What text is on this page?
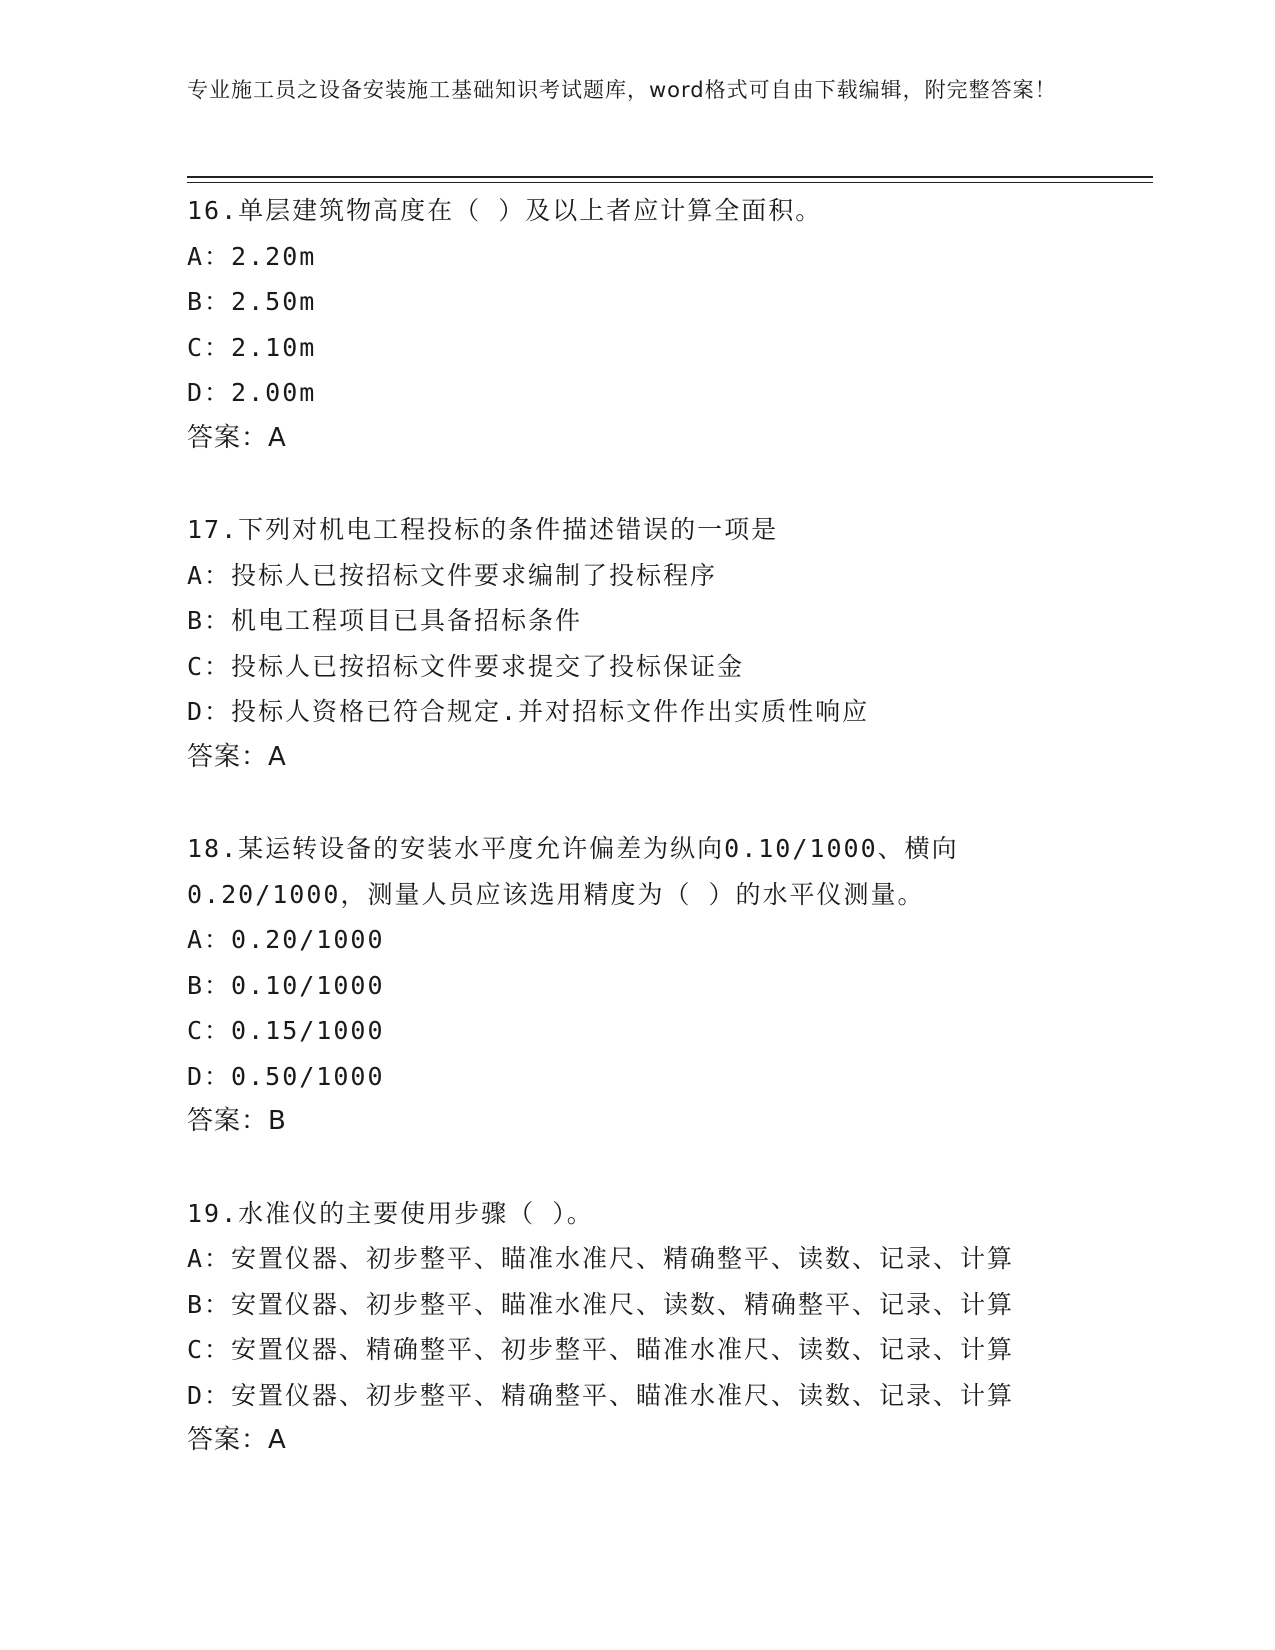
专业施工员之设备安装施工基础知识考试题库，word格式可自由下载编辑，附完整答案！
16.单层建筑物高度在（ ）及以上者应计算全面积。
A：2.20m
B：2.50m
C：2.10m
D：2.00m
答案：A
17.下列对机电工程投标的条件描述错误的一项是
A：投标人已按招标文件要求编制了投标程序
B：机电工程项目已具备招标条件
C：投标人已按招标文件要求提交了投标保证金
D：投标人资格已符合规定.并对招标文件作出实质性响应
答案：A
18.某运转设备的安装水平度允许偏差为纵向0.10/1000、横向
0.20/1000，测量人员应该选用精度为（ ）的水平仪测量。
A：0.20/1000
B：0.10/1000
C：0.15/1000
D：0.50/1000
答案：B
19.水准仪的主要使用步骤（ ）。
A：安置仪器、初步整平、瞄准水准尺、精确整平、读数、记录、计算
B：安置仪器、初步整平、瞄准水准尺、读数、精确整平、记录、计算
C：安置仪器、精确整平、初步整平、瞄准水准尺、读数、记录、计算
D：安置仪器、初步整平、精确整平、瞄准水准尺、读数、记录、计算
答案：A
